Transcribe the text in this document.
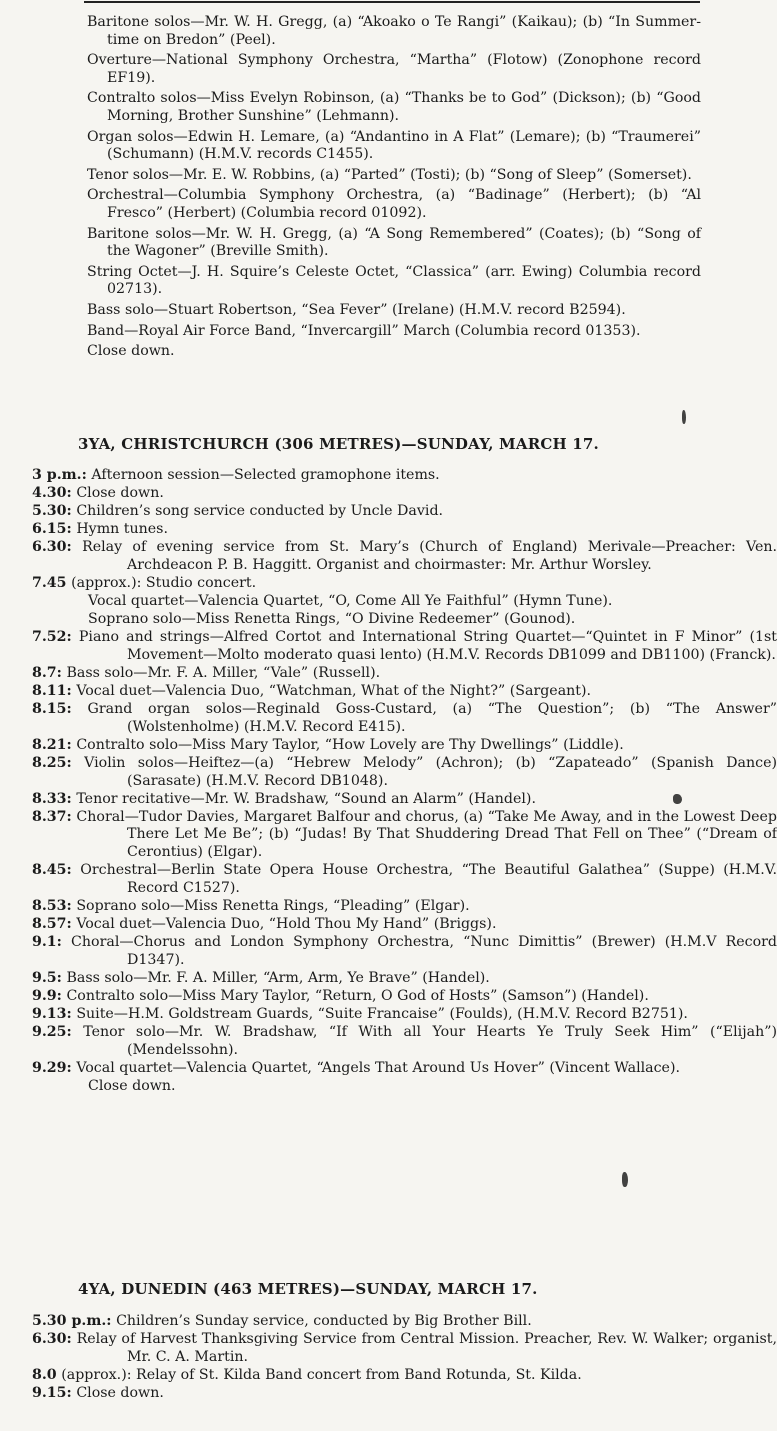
Baritone solos—Mr. W. H. Gregg, (a) “Akoako o Te Rangi” (Kaikau); (b) “In Summer-time on Bredon” (Peel).
Overture—National Symphony Orchestra, “Martha” (Flotow) (Zonophone record EF19).
Contralto solos—Miss Evelyn Robinson, (a) “Thanks be to God” (Dickson); (b) “Good Morning, Brother Sunshine” (Lehmann).
Organ solos—Edwin H. Lemare, (a) “Andantino in A Flat” (Lemare); (b) “Traumerei” (Schumann) (H.M.V. records C1455).
Tenor solos—Mr. E. W. Robbins, (a) “Parted” (Tosti); (b) “Song of Sleep” (Somerset).
Orchestral—Columbia Symphony Orchestra, (a) “Badinage” (Herbert); (b) “Al Fresco” (Herbert) (Columbia record 01092).
Baritone solos—Mr. W. H. Gregg, (a) “A Song Remembered” (Coates); (b) “Song of the Wagoner” (Breville Smith).
String Octet—J. H. Squire’s Celeste Octet, “Classica” (arr. Ewing) Columbia record 02713).
Bass solo—Stuart Robertson, “Sea Fever” (Irelane) (H.M.V. record B2594).
Band—Royal Air Force Band, “Invercargill” March (Columbia record 01353).
Close down.
3YA, CHRISTCHURCH (306 METRES)—SUNDAY, MARCH 17.
3 p.m.: Afternoon session—Selected gramophone items.
4.30: Close down.
5.30: Children’s song service conducted by Uncle David.
6.15: Hymn tunes.
6.30: Relay of evening service from St. Mary’s (Church of England) Merivale—Preacher: Ven. Archdeacon P. B. Haggitt. Organist and choirmaster: Mr. Arthur Worsley.
7.45 (approx.): Studio concert.
Vocal quartet—Valencia Quartet, “O, Come All Ye Faithful” (Hymn Tune).
Soprano solo—Miss Renetta Rings, “O Divine Redeemer” (Gounod).
7.52: Piano and strings—Alfred Cortot and International String Quartet—“Quintet in F Minor” (1st Movement—Molto moderato quasi lento) (H.M.V. Records DB1099 and DB1100) (Franck).
8.7: Bass solo—Mr. F. A. Miller, “Vale” (Russell).
8.11: Vocal duet—Valencia Duo, “Watchman, What of the Night?” (Sargeant).
8.15: Grand organ solos—Reginald Goss-Custard, (a) “The Question”; (b) “The Answer” (Wolstenholme) (H.M.V. Record E415).
8.21: Contralto solo—Miss Mary Taylor, “How Lovely are Thy Dwellings” (Liddle).
8.25: Violin solos—Heiftez—(a) “Hebrew Melody” (Achron); (b) “Zapateado” (Spanish Dance) (Sarasate) (H.M.V. Record DB1048).
8.33: Tenor recitative—Mr. W. Bradshaw, “Sound an Alarm” (Handel).
8.37: Choral—Tudor Davies, Margaret Balfour and chorus, (a) “Take Me Away, and in the Lowest Deep There Let Me Be”; (b) “Judas! By That Shuddering Dread That Fell on Thee” (“Dream of Cerontius) (Elgar).
8.45: Orchestral—Berlin State Opera House Orchestra, “The Beautiful Galathea” (Suppe) (H.M.V. Record C1527).
8.53: Soprano solo—Miss Renetta Rings, “Pleading” (Elgar).
8.57: Vocal duet—Valencia Duo, “Hold Thou My Hand” (Briggs).
9.1: Choral—Chorus and London Symphony Orchestra, “Nunc Dimittis” (Brewer) (H.M.V Record D1347).
9.5: Bass solo—Mr. F. A. Miller, “Arm, Arm, Ye Brave” (Handel).
9.9: Contralto solo—Miss Mary Taylor, “Return, O God of Hosts” (Samson”) (Handel).
9.13: Suite—H.M. Goldstream Guards, “Suite Francaise” (Foulds), (H.M.V. Record B2751).
9.25: Tenor solo—Mr. W. Bradshaw, “If With all Your Hearts Ye Truly Seek Him” (“Elijah”) (Mendelssohn).
9.29: Vocal quartet—Valencia Quartet, “Angels That Around Us Hover” (Vincent Wallace).
Close down.
4YA, DUNEDIN (463 METRES)—SUNDAY, MARCH 17.
5.30 p.m.: Children’s Sunday service, conducted by Big Brother Bill.
6.30: Relay of Harvest Thanksgiving Service from Central Mission. Preacher, Rev. W. Walker; organist, Mr. C. A. Martin.
8.0 (approx.): Relay of St. Kilda Band concert from Band Rotunda, St. Kilda.
9.15: Close down.
